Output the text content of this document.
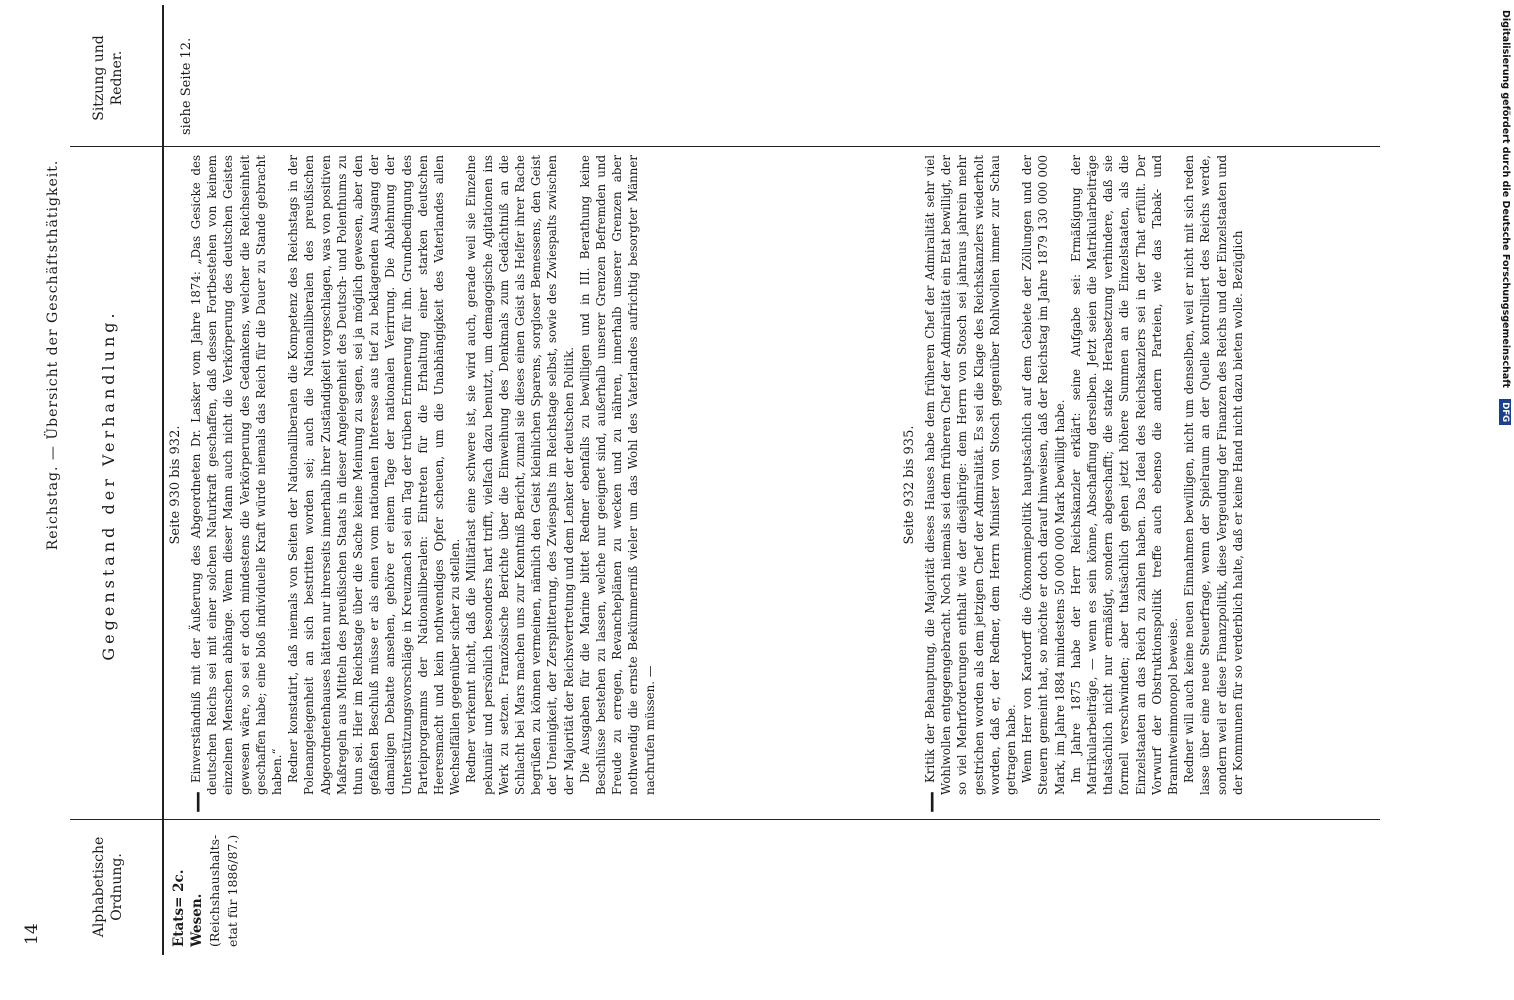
14
Reichstag. — Übersicht der Geschäftsthätigkeit.
Alphabetische Ordnung.
Gegenstand der Verhandlung.
Sitzung und Redner.
Etats= 2c. Wesen. (Reichshaushalts-etat für 1886/87.)
siehe Seite 12.
Seite 930 bis 932.
—

Einverständniß mit der Äußerung des Abgeordneten Dr. Lasker vom Jahre 1874: „Das Gesicke des deutschen Reichs sei mit einer solchen Naturkraft geschaffen, daß dessen Fortbestehen von keinem einzelnen Menschen abhänge. Wenn dieser Mann auch nicht die Verkörperung des deutschen Geistes gewesen wäre, so sei er doch mindestens die Verkörperung des Gedankens, welcher die Reichseinheit geschaffen habe; eine bloß individuelle Kraft würde niemals das Reich für die Dauer zu Stande gebracht haben.“ Redner konstatirt, daß niemals von Seiten der Nationalliberalen die Kompetenz des Reichstags in der Polenangelegenheit an sich bestritten worden sei; auch die Nationalliberalen des preußischen Abgeordnetenhauses hätten nur ihrerseits innerhalb ihrer Zuständigkeit vorgeschlagen, was von positiven Maßregeln aus Mitteln des preußischen Staats in dieser Angelegenheit des Deutsch- und Polenthums zu thun sei. Hier im Reichstage über die Sache keine Meinung zu sagen, sei ja möglich gewesen, aber den gefaßten Beschluß müsse er als einen vom nationalen Interesse aus tief zu beklagenden Ausgang der damaligen Debatte ansehen, gehöre er einem Tage der nationalen Verirrung. Die Ablehnung der Unterstützungsvorschläge in Kreuznach sei ein Tag der trüben Erinnerung für ihn. Grundbedingung des Parteiprogramms der Nationalliberalen: Eintreten für die Erhaltung einer starken deutschen Heeresmacht und kein nothwendiges Opfer scheuen, um die Unabhängigkeit des Vaterlandes allen Wechselfällen gegenüber sicher zu stellen. Redner verkennt nicht, daß die Militärlast eine schwere ist, sie wird auch, gerade weil sie Einzelne pekuniär und persönlich besonders hart trifft, vielfach dazu benutzt, um demagogische Agitationen ins Werk zu setzen. Französische Berichte über die Einweihung des Denkmals zum Gedächtniß an die Schlacht bei Mars machen uns zur Kenntniß Bericht, zumal sie dieses einen Geist als Helfer ihrer Rache begrüßen zu können vermeinen, nämlich den Geist kleinlichen Sparens, sorgloser Bemessens, den Geist der Uneinigkeit, der Zersplitterung, des Zwiespalts im Reichstage selbst, sowie des Zwiespalts zwischen der Majorität der Reichsvertretung und dem Lenker der deutschen Politik. Die Ausgaben für die Marine bittet Redner ebenfalls zu bewilligen und in III. Berathung keine Beschlüsse bestehen zu lassen, welche nur geeignet sind, außerhalb unserer Grenzen Befremden und Freude zu erregen, Revancheplänen zu wecken und zu nähren, innerhalb unserer Grenzen aber nothwendig die ernste Bekümmerniß vieler um das Wohl des Vaterlandes aufrichtig besorgter Männer nachrufen müssen. —

Seite 932 bis 935.
—

Kritik der Behauptung, die Majorität dieses Hauses habe dem früheren Chef der Admiralität sehr viel Wohlwollen entgegengebracht. Noch niemals sei dem früheren Chef der Admiralität ein Etat bewilligt, der so viel Mehrforderungen enthalt wie der diesjährige: dem Herrn von Stosch sei jahraus jahrein mehr gestrichen worden als dem jetzigen Chef der Admiralität. Es sei die Klage des Reichskanzlers wiederholt worden, daß er, der Redner, dem Herrn Minister von Stosch gegenüber Rohlwollen immer zur Schau getragen habe. Wenn Herr von Kardorff die Ökonomiepolitik hauptsächlich auf dem Gebiete der Zöllungen und der Steuern gemeint hat, so möchte er doch darauf hinweisen, daß der Reichstag im Jahre 1879 130 000 000 Mark, im Jahre 1884 mindestens 50 000 000 Mark bewilligt habe. Im Jahre 1875 habe der Herr Reichskanzler erklärt: seine Aufgabe sei: Ermäßigung der Matrikularbeiträge, — wenn es sein könne, Abschaffung derselben. Jetzt seien die Matrikularbeiträge thatsächlich nicht nur ermäßigt, sondern abgeschafft; die starke Herabsetzung verhindere, daß sie formell verschwinden; aber thatsächlich gehen jetzt höhere Summen an die Einzelstaaten, als die Einzelstaaten an das Reich zu zahlen haben. Das Ideal des Reichskanzlers sei in der That erfüllt. Der Vorwurf der Obstruktionspolitik treffe auch ebenso die andern Parteien, wie das Tabak- und Branntweinmonopol beweise. Redner will auch keine neuen Einnahmen bewilligen, nicht um denselben, weil er nicht mit sich reden lasse über eine neue Steuerfrage, wenn der Spielraum an der Quelle kontrolliert des Reichs werde, sondern weil er diese Finanzpolitik, diese Vergeudung der Finanzen des Reichs und der Einzelstaaten und der Kommunen für so verderblich halte, daß er keine Hand nicht dazu bieten wolle. Bezüglich

Digitalisierung gefördert durch die Deutsche Forschungsgemeinschaft DFG
